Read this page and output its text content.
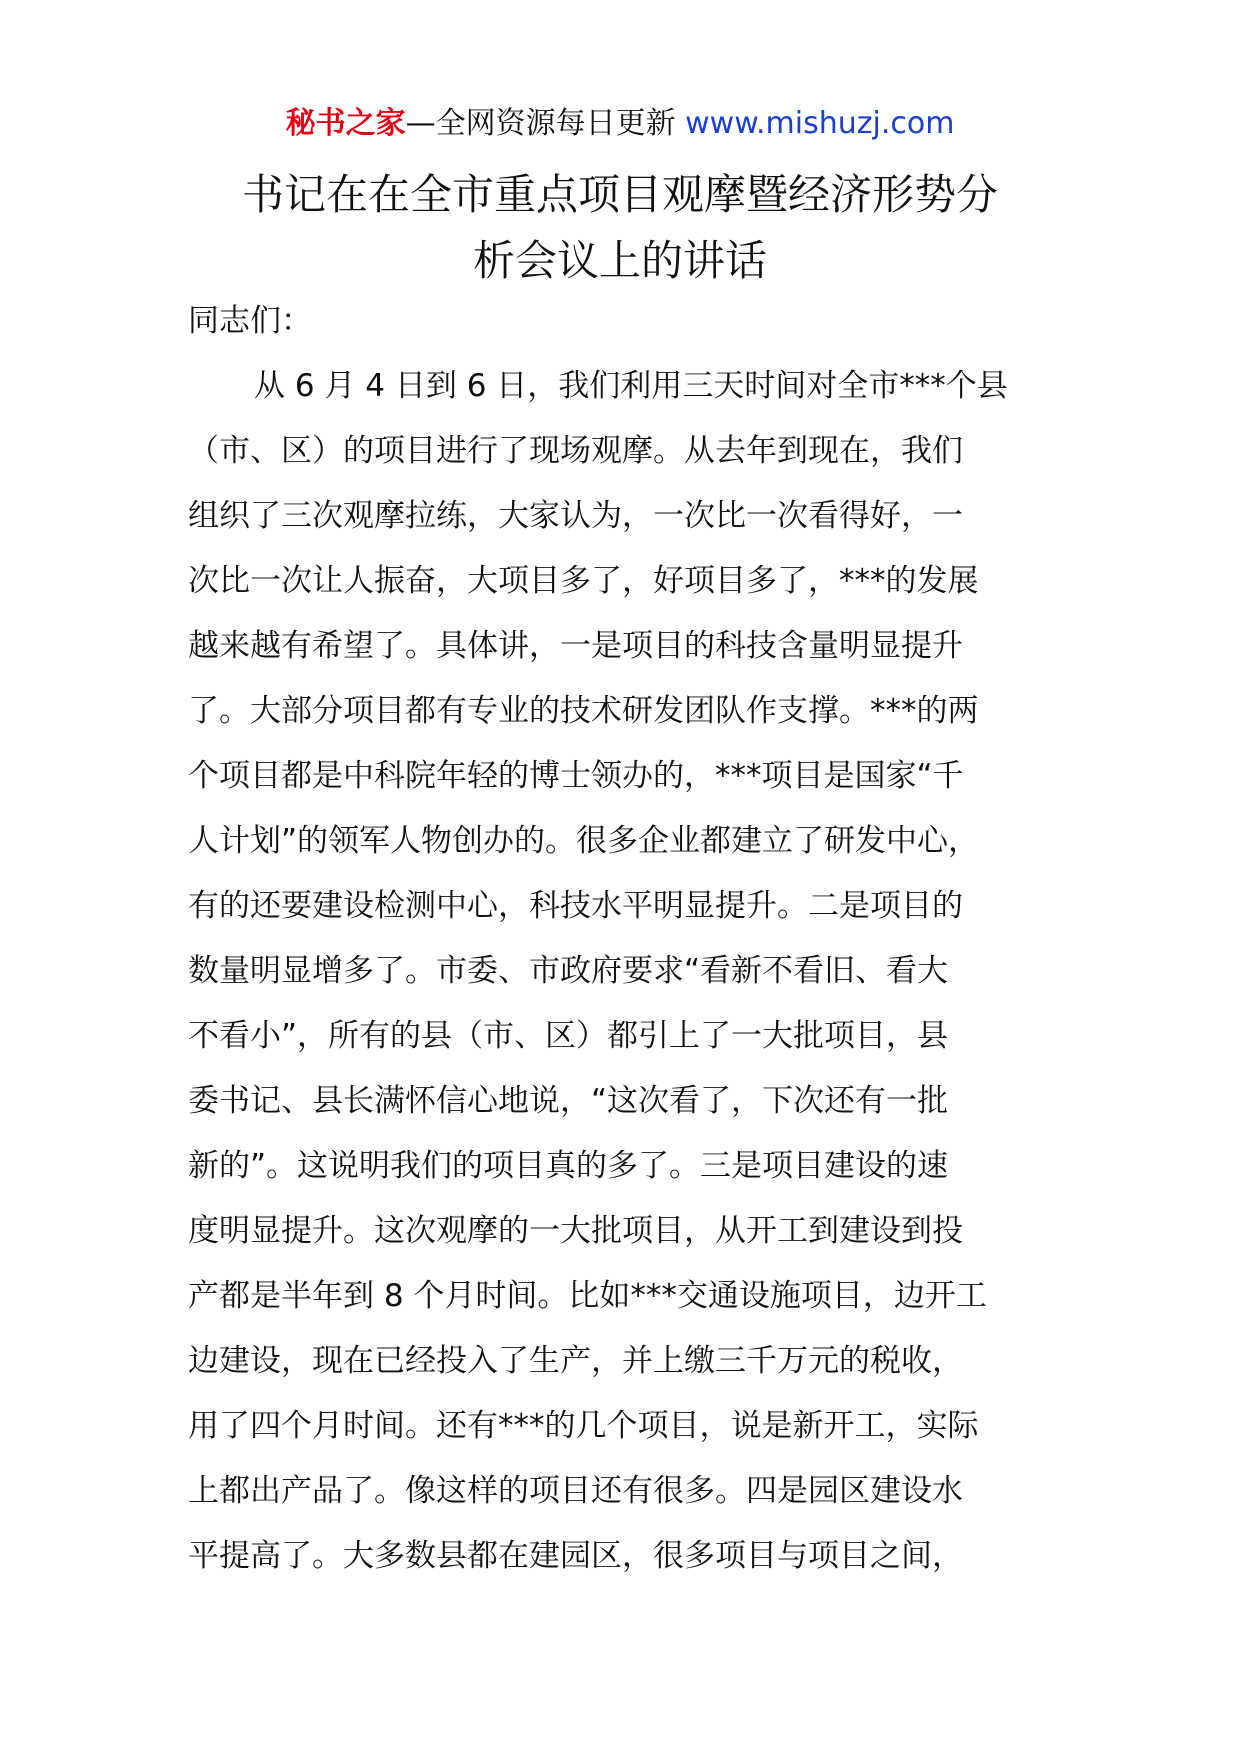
秘书之家—全网资源每日更新 www.mishuzj.com
书记在在全市重点项目观摩暨经济形势分
析会议上的讲话
同志们：
从 6 月 4 日到 6 日，我们利用三天时间对全市***个县
（市、区）的项目进行了现场观摩。从去年到现在，我们
组织了三次观摩拉练，大家认为，一次比一次看得好，一
次比一次让人振奋，大项目多了，好项目多了，***的发展
越来越有希望了。具体讲，一是项目的科技含量明显提升
了。大部分项目都有专业的技术研发团队作支撑。***的两
个项目都是中科院年轻的博士领办的，***项目是国家“千
人计划”的领军人物创办的。很多企业都建立了研发中心，
有的还要建设检测中心，科技水平明显提升。二是项目的
数量明显增多了。市委、市政府要求“看新不看旧、看大
不看小”，所有的县（市、区）都引上了一大批项目，县
委书记、县长满怀信心地说，“这次看了，下次还有一批
新的”。这说明我们的项目真的多了。三是项目建设的速
度明显提升。这次观摩的一大批项目，从开工到建设到投
产都是半年到 8 个月时间。比如***交通设施项目，边开工
边建设，现在已经投入了生产，并上缴三千万元的税收，
用了四个月时间。还有***的几个项目，说是新开工，实际
上都出产品了。像这样的项目还有很多。四是园区建设水
平提高了。大多数县都在建园区，很多项目与项目之间，
